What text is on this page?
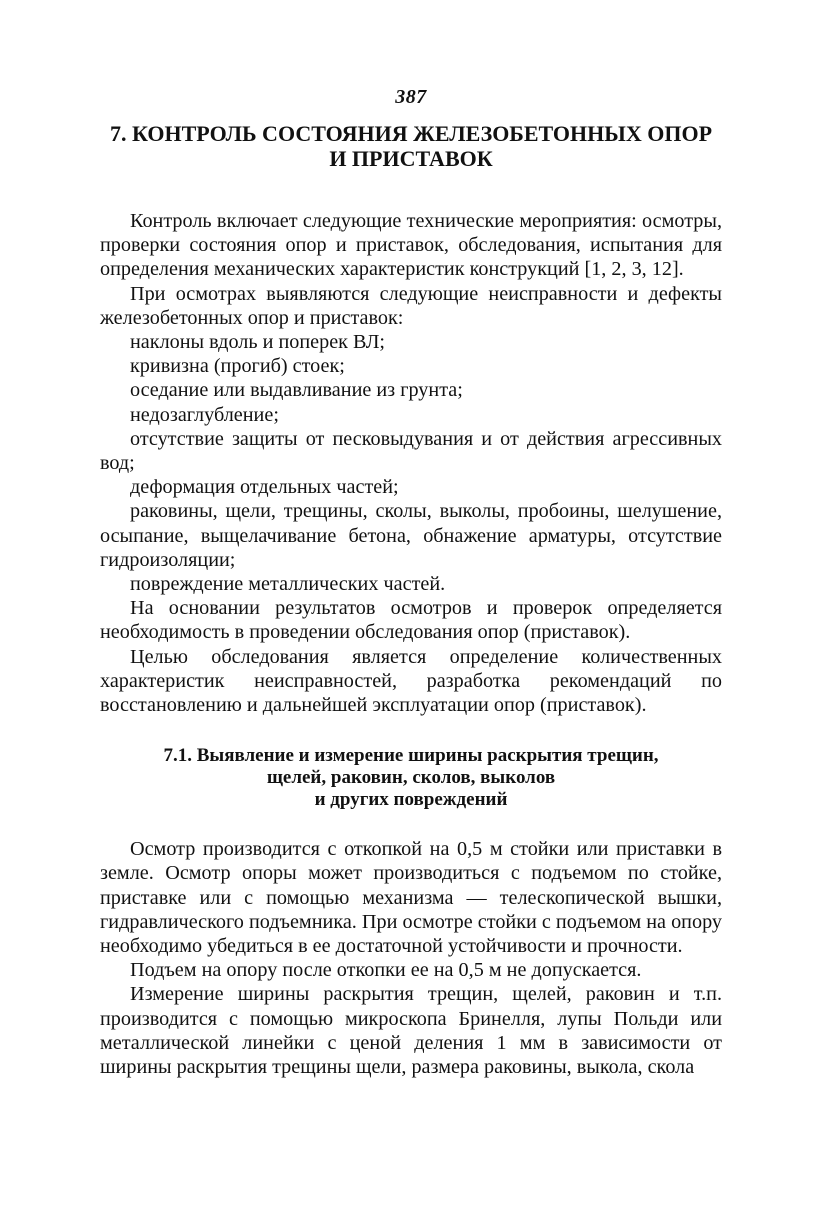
387
7. КОНТРОЛЬ СОСТОЯНИЯ ЖЕЛЕЗОБЕТОННЫХ ОПОР
И ПРИСТАВОК

Контроль включает следующие технические мероприятия: осмотры, проверки состояния опор и приставок, обследования, испытания для определения механических характеристик конструкций [1, 2, 3, 12].

При осмотрах выявляются следующие неисправности и дефекты железобетонных опор и приставок:

наклоны вдоль и поперек ВЛ;

кривизна (прогиб) стоек;

оседание или выдавливание из грунта;

недозаглубление;

отсутствие защиты от песковыдувания и от действия агрессивных вод;

деформация отдельных частей;

раковины, щели, трещины, сколы, выколы, пробоины, шелушение, осыпание, выщелачивание бетона, обнажение арматуры, отсутствие гидроизоляции;

повреждение металлических частей.

На основании результатов осмотров и проверок определяется необходимость в проведении обследования опор (приставок).

Целью обследования является определение количественных характеристик неисправностей, разработка рекомендаций по восстановлению и дальнейшей эксплуатации опор (приставок).

7.1. Выявление и измерение ширины раскрытия трещин,
щелей, раковин, сколов, выколов
и других повреждений

Осмотр производится с откопкой на 0,5 м стойки или приставки в земле. Осмотр опоры может производиться с подъемом по стойке, приставке или с помощью механизма — телескопической вышки, гидравлического подъемника. При осмотре стойки с подъемом на опору необходимо убедиться в ее достаточной устойчивости и прочности.

Подъем на опору после откопки ее на 0,5 м не допускается.

Измерение ширины раскрытия трещин, щелей, раковин и т.п. производится с помощью микроскопа Бринелля, лупы Польди или металлической линейки с ценой деления 1 мм в зависимости от ширины раскрытия трещины щели, размера раковины, выкола, скола
